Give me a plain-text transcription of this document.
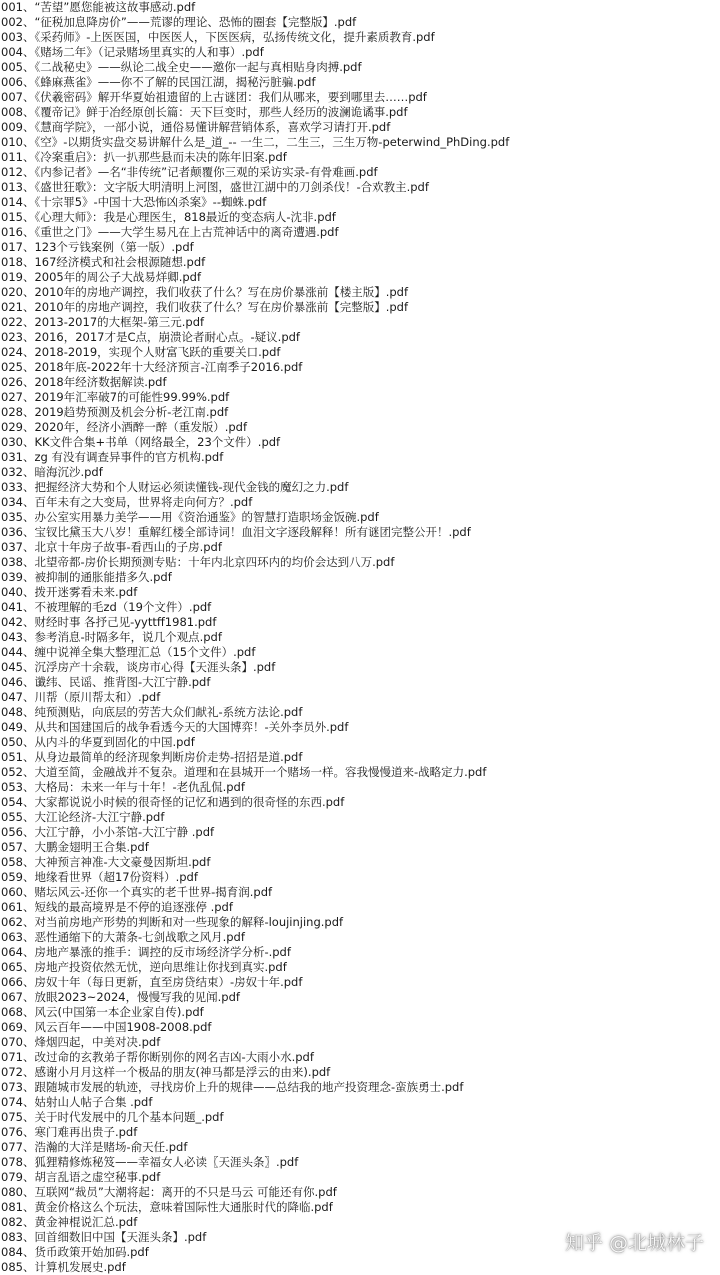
001、“苦望”愿您能被这故事感动.pdf
002、“征税加息降房价”——荒谬的理论、恐怖的圈套【完整版】.pdf
003、《采药师》-上医医国，中医医人，下医医病，弘扬传统文化，提升素质教育.pdf
004、《赌场二年》（记录赌场里真实的人和事）.pdf
005、《二战秘史》——纵论二战全史——邀你一起与真相贴身肉搏.pdf
006、《蜂麻燕雀》——你不了解的民国江湖，揭秘污脏骗.pdf
007、《伏羲密码》解开华夏始祖遗留的上古谜团：我们从哪来，要到哪里去……pdf
008、《覆帝记》鲜于冶经原创长篇：天下巨变时，那些人经历的波澜诡谲事.pdf
009、《慧商学院》，一部小说，通俗易懂讲解营销体系，喜欢学习请打开.pdf
010、《空》-以期货实盘交易讲解什么是_道_-- 一生二，二生三，三生万物-peterwind_PhDing.pdf
011、《冷案重启》：扒一扒那些悬而未决的陈年旧案.pdf
012、《内参记者》—名“非传统”记者颠覆你三观的采访实录-有骨难画.pdf
013、《盛世狂歌》：文字版大明清明上河图，盛世江湖中的刀剑杀伐！-合欢教主.pdf
014、《十宗罪5》-中国十大恐怖凶杀案》--蜘蛛.pdf
015、《心理大师》：我是心理医生，818最近的变态病人-沈非.pdf
016、《重世之门》——大学生易凡在上古荒神话中的离奇遭遇.pdf
017、123个亏钱案例（第一版）.pdf
018、167经济模式和社会根源随想.pdf
019、2005年的周公子大战易烊卿.pdf
020、2010年的房地产调控，我们收获了什么？写在房价暴涨前【楼主版】.pdf
021、2010年的房地产调控，我们收获了什么？写在房价暴涨前【完整版】.pdf
022、2013-2017的大框架-第三元.pdf
023、2016，2017才是C点，崩溃论者耐心点。-疑议.pdf
024、2018-2019，实现个人财富飞跃的重要关口.pdf
025、2018年底-2022年十大经济预言-江南季子2016.pdf
026、2018年经济数据解读.pdf
027、2019年汇率破7的可能性99.99%.pdf
028、2019趋势预测及机会分析-老江南.pdf
029、2020年，经济小酒醉一醉（重发版）.pdf
030、KK文件合集+书单（网络最全，23个文件）.pdf
031、zg 有没有调查异事件的官方机构.pdf
032、暗海沉沙.pdf
033、把握经济大势和个人财运必须读懂钱-现代金钱的魔幻之力.pdf
034、百年未有之大变局，世界将走向何方？.pdf
035、办公室实用暴力美学——用《资治通鉴》的智慧打造职场金饭碗.pdf
036、宝钗比黛玉大八岁！重解红楼全部诗词！血泪文字逐段解释！所有谜团完整公开！.pdf
037、北京十年房子故事-看西山的子房.pdf
038、北望帝都-房价长期预测专贴：十年内北京四环内的均价会达到八万.pdf
039、被抑制的通胀能措多久.pdf
040、拨开迷雾看未来.pdf
041、不被理解的毛zd（19个文件）.pdf
042、财经时事 各抒己见-yyttff1981.pdf
043、参考消息-时隔多年，说几个观点.pdf
044、缠中说禅全集大整理汇总（15个文件）.pdf
045、沉浮房产十余载，谈房市心得【天涯头条】.pdf
046、谶纬、民谣、推背图-大江宁静.pdf
047、川帮（原川帮太和）.pdf
048、纯预测贴，向底层的劳苦大众们献礼-系统方法论.pdf
049、从共和国建国后的战争看透今天的大国博弈！-关外李员外.pdf
050、从内斗的华夏到固化的中国.pdf
051、从身边最简单的经济现象判断房价走势-招招是道.pdf
052、大道至简，金融战并不复杂。道理和在县城开一个赌场一样。容我慢慢道来-战略定力.pdf
053、大格局：未来一年与十年！-老仇乱侃.pdf
054、大家都说说小时候的很奇怪的记忆和遇到的很奇怪的东西.pdf
055、大江论经济-大江宁静.pdf
056、大江宁静，小小茶馆-大江宁静 .pdf
057、大鹏金翅明王合集.pdf
058、大神预言神准-大文豪曼因斯坦.pdf
059、地缘看世界（超17份资料）.pdf
060、赌坛风云-还你一个真实的老千世界-揭育润.pdf
061、短线的最高境界是不停的追逐涨停 .pdf
062、对当前房地产形势的判断和对一些现象的解释-loujinjing.pdf
063、恶性通缩下的大萧条-七剑战歌之风月.pdf
064、房地产暴涨的推手：调控的反市场经济学分析-.pdf
065、房地产投资依然无忧，逆向思维让你找到真实.pdf
066、房奴十年（每日更新，直至房贷结束）-房奴十年.pdf
067、放眼2023~2024，慢慢写我的见闻.pdf
068、风云(中国第一本企业家自传).pdf
069、风云百年——中国1908-2008.pdf
070、烽烟四起，中美对决.pdf
071、改过命的玄教弟子帮你断别你的网名吉凶-大雨小水.pdf
072、感谢小月月这样一个极品的朋友(神马都是浮云的由来).pdf
073、跟随城市发展的轨迹，寻找房价上升的规律——总结我的地产投资理念-蛮族勇士.pdf
074、姑射山人帖子合集 .pdf
075、关于时代发展中的几个基本问题_.pdf
076、寒门难再出贵子.pdf
077、浩瀚的大洋是赌场-俞天任.pdf
078、狐狸精修炼秘笈——幸福女人必读〖天涯头条〗.pdf
079、胡言乱语之虚空秘事.pdf
080、互联网“裁员”大潮将起：离开的不只是马云 可能还有你.pdf
081、黄金价格这么个玩法，意味着国际性大通胀时代的降临.pdf
082、黄金神棍说汇总.pdf
083、回首细数旧中国【天涯头条】.pdf
084、货币政策开始加码.pdf
085、计算机发展史.pdf
知乎 @北城林子
